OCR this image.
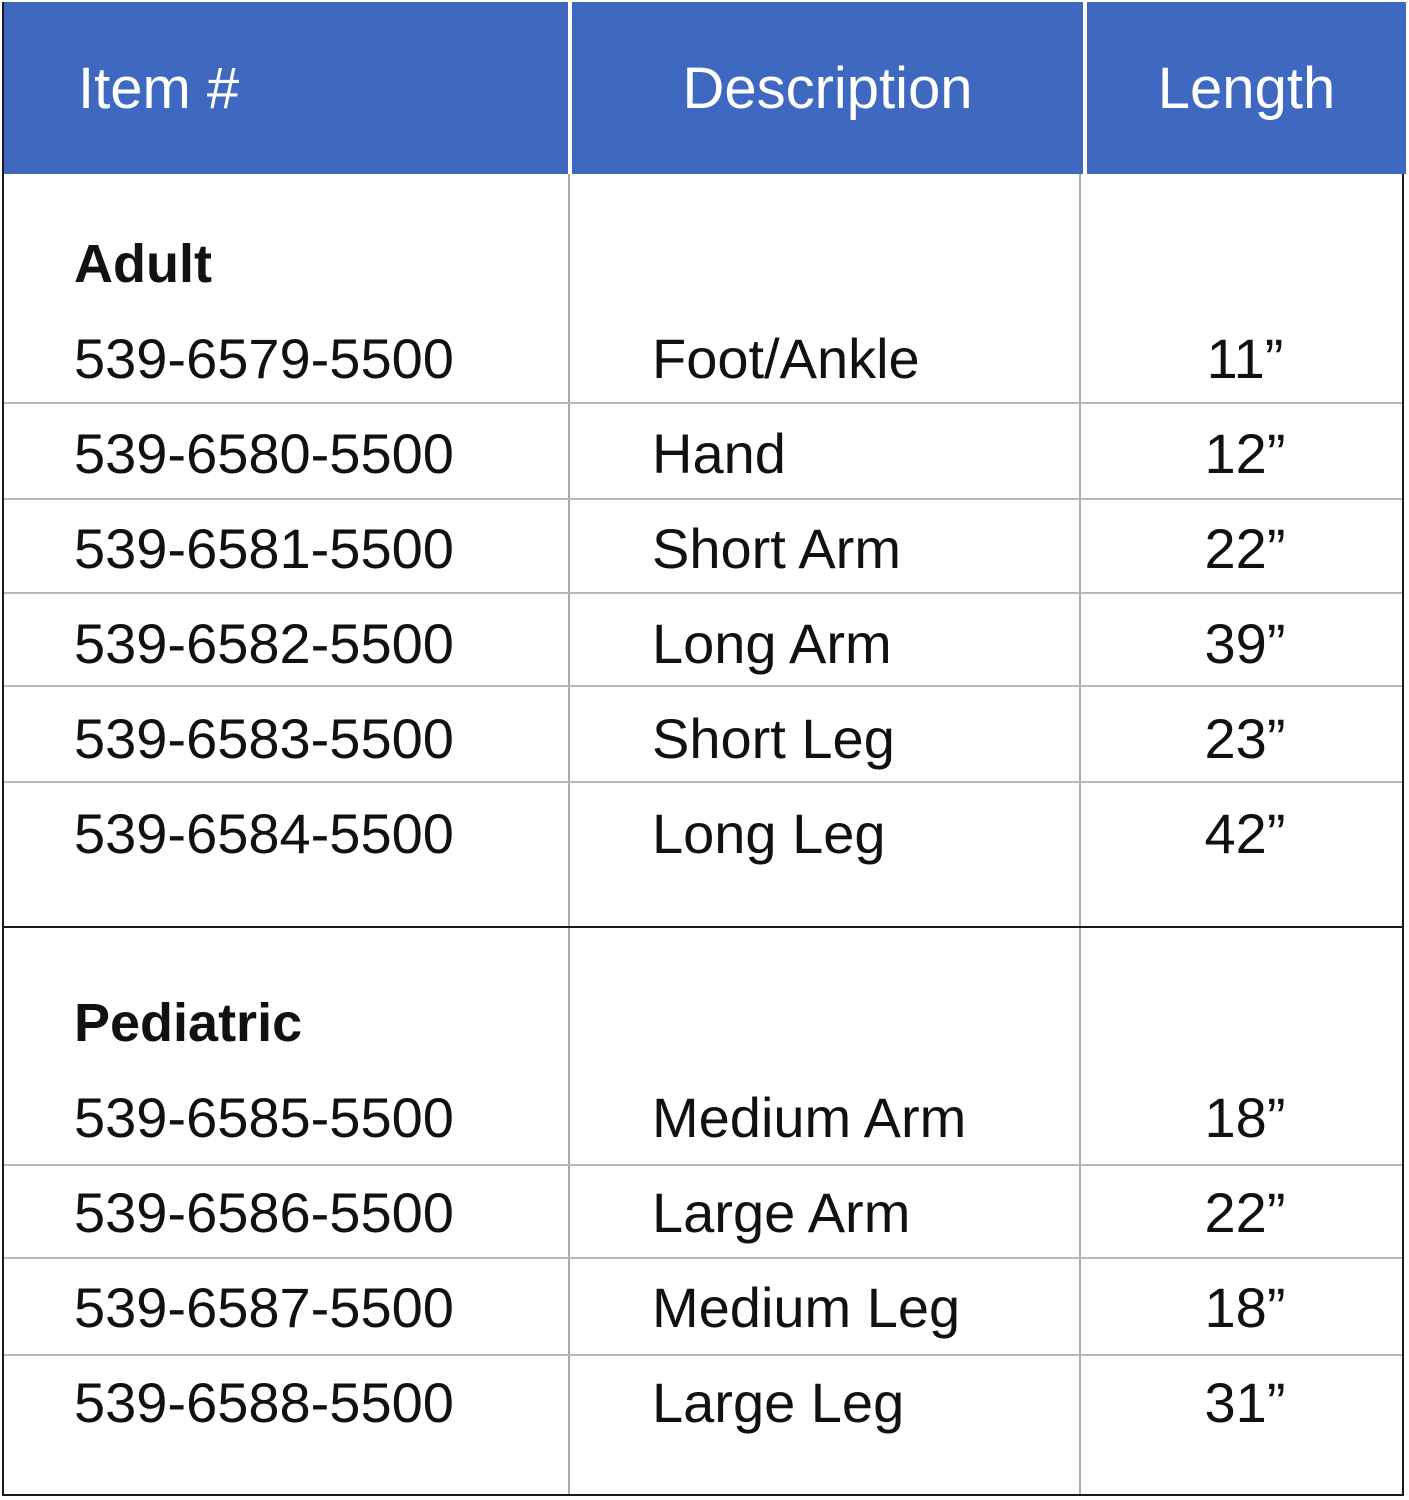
Item #	Description	Length
Adult
539-6579-5500	Foot/Ankle	11”
539-6580-5500	Hand	12”
539-6581-5500	Short Arm	22”
539-6582-5500	Long Arm	39”
539-6583-5500	Short Leg	23”
539-6584-5500	Long Leg	42”
Pediatric
539-6585-5500	Medium Arm	18”
539-6586-5500	Large Arm	22”
539-6587-5500	Medium Leg	18”
539-6588-5500	Large Leg	31”
